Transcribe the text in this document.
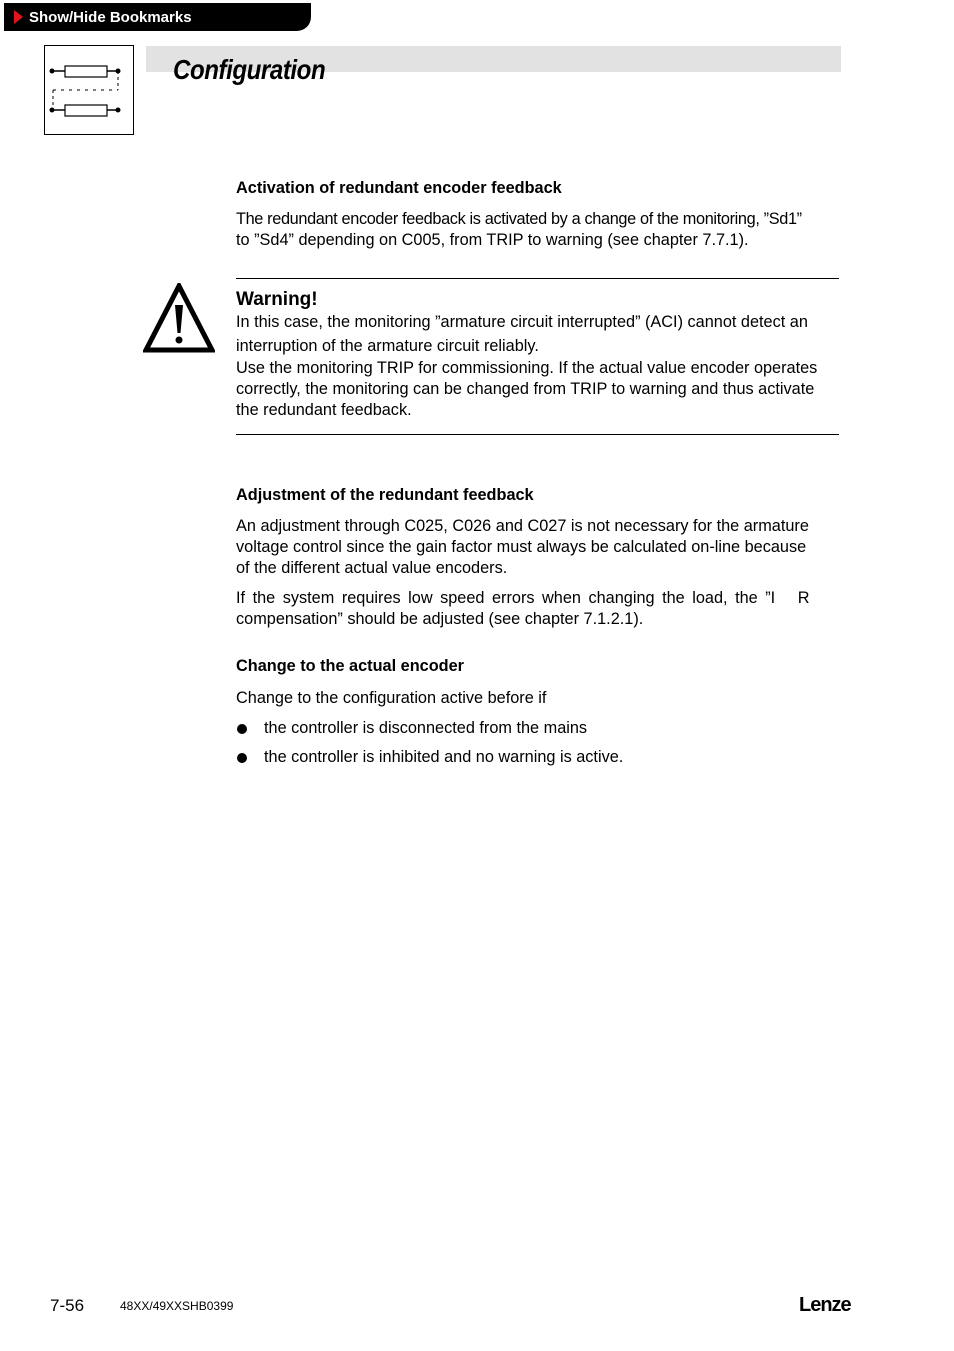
Show/Hide Bookmarks
Configuration
Activation of redundant encoder feedback
The redundant encoder feedback is activated by a change of the monitoring, ”Sd1”
to ”Sd4” depending on C005, from TRIP to warning (see chapter 7.7.1).
Warning!
In this case, the monitoring ”armature circuit interrupted” (ACI) cannot detect an
interruption of the armature circuit reliably.
Use the monitoring TRIP for commissioning. If the actual value encoder operates
correctly, the monitoring can be changed from TRIP to warning and thus activate
the redundant feedback.
Adjustment of the redundant feedback
An adjustment through C025, C026 and C027 is not necessary for the armature
voltage control since the gain factor must always be calculated on-line because
of the different actual value encoders.
If the system requires low speed errors when changing the load, the ”I   R
compensation” should be adjusted (see chapter 7.1.2.1).
Change to the actual encoder
Change to the configuration active before if
the controller is disconnected from the mains
the controller is inhibited and no warning is active.
7-56	48XX/49XXSHB0399	Lenze
